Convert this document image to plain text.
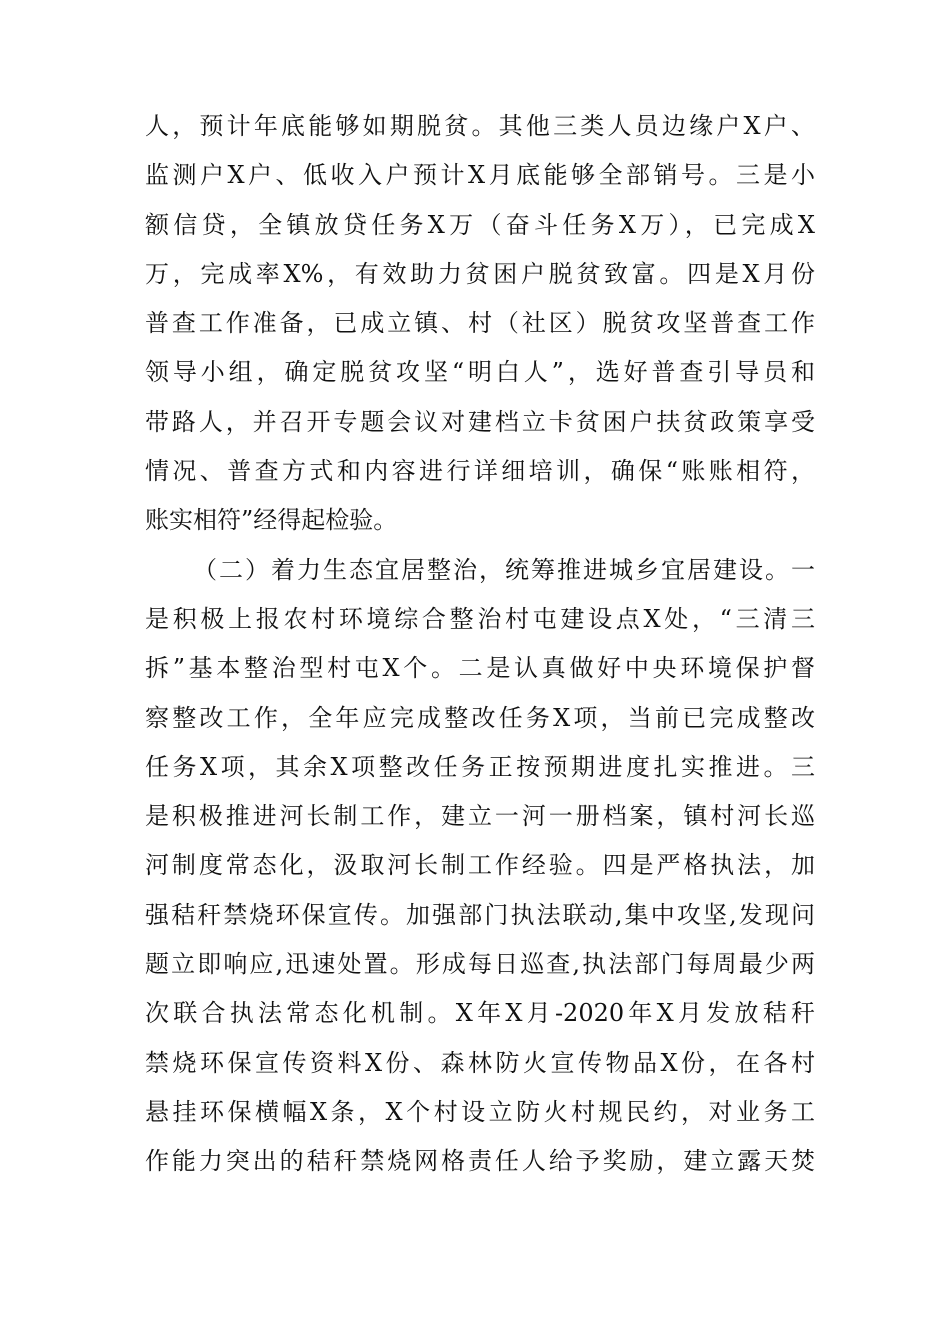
人，预计年底能够如期脱贫。其他三类人员边缘户X户、
监测户X户、低收入户预计X月底能够全部销号。三是小
额信贷，全镇放贷任务X万（奋斗任务X万），已完成X
万，完成率X%，有效助力贫困户脱贫致富。四是X月份
普查工作准备，已成立镇、村（社区）脱贫攻坚普查工作
领导小组，确定脱贫攻坚“明白人”，选好普查引导员和
带路人，并召开专题会议对建档立卡贫困户扶贫政策享受
情况、普查方式和内容进行详细培训，确保“账账相符，
账实相符”经得起检验。
（二）着力生态宜居整治，统筹推进城乡宜居建设。一
是积极上报农村环境综合整治村屯建设点X处，“三清三
拆”基本整治型村屯X个。二是认真做好中央环境保护督
察整改工作，全年应完成整改任务X项，当前已完成整改
任务X项，其余X项整改任务正按预期进度扎实推进。三
是积极推进河长制工作，建立一河一册档案，镇村河长巡
河制度常态化，汲取河长制工作经验。四是严格执法，加
强秸秆禁烧环保宣传。加强部门执法联动,集中攻坚,发现问
题立即响应,迅速处置。形成每日巡查,执法部门每周最少两
次联合执法常态化机制。X年X月-2020年X月发放秸秆
禁烧环保宣传资料X份、森林防火宣传物品X份，在各村
悬挂环保横幅X条，X个村设立防火村规民约，对业务工
作能力突出的秸秆禁烧网格责任人给予奖励，建立露天焚
